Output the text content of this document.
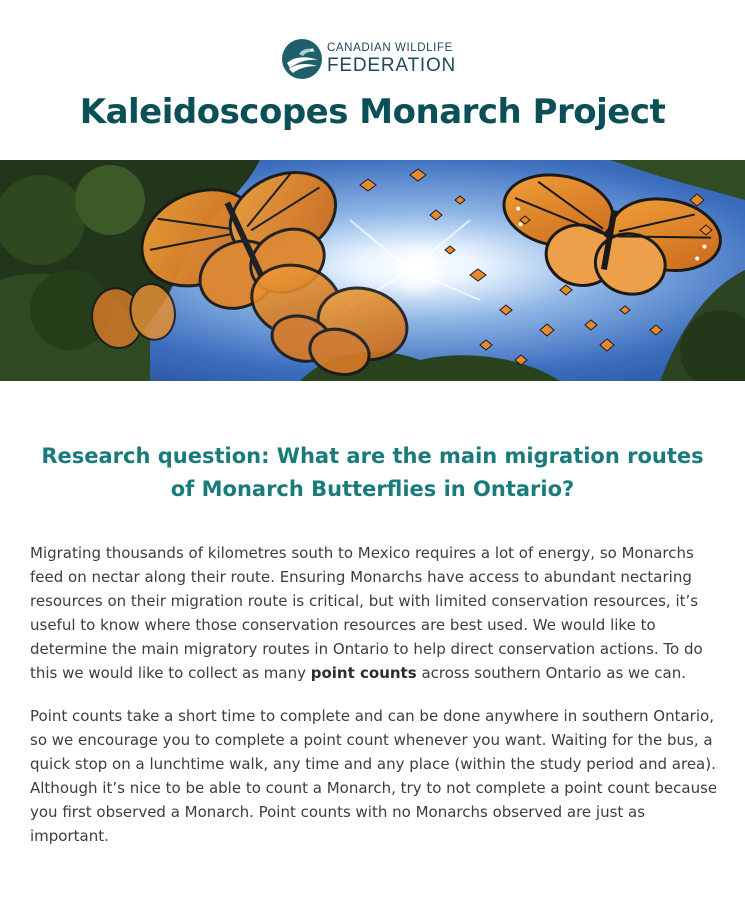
CANADIAN WILDLIFE
FEDERATION
Kaleidoscopes Monarch Project
Research question: What are the main migration routes of Monarch Butterflies in Ontario?

Migrating thousands of kilometres south to Mexico requires a lot of energy, so Monarchs feed on nectar along their route. Ensuring Monarchs have access to abundant nectaring resources on their migration route is critical, but with limited conservation resources, it’s useful to know where those conservation resources are best used. We would like to determine the main migratory routes in Ontario to help direct conservation actions. To do this we would like to collect as many point counts across southern Ontario as we can.

Point counts take a short time to complete and can be done anywhere in southern Ontario, so we encourage you to complete a point count whenever you want. Waiting for the bus, a quick stop on a lunchtime walk, any time and any place (within the study period and area). Although it’s nice to be able to count a Monarch, try to not complete a point count because you first observed a Monarch. Point counts with no Monarchs observed are just as important.
